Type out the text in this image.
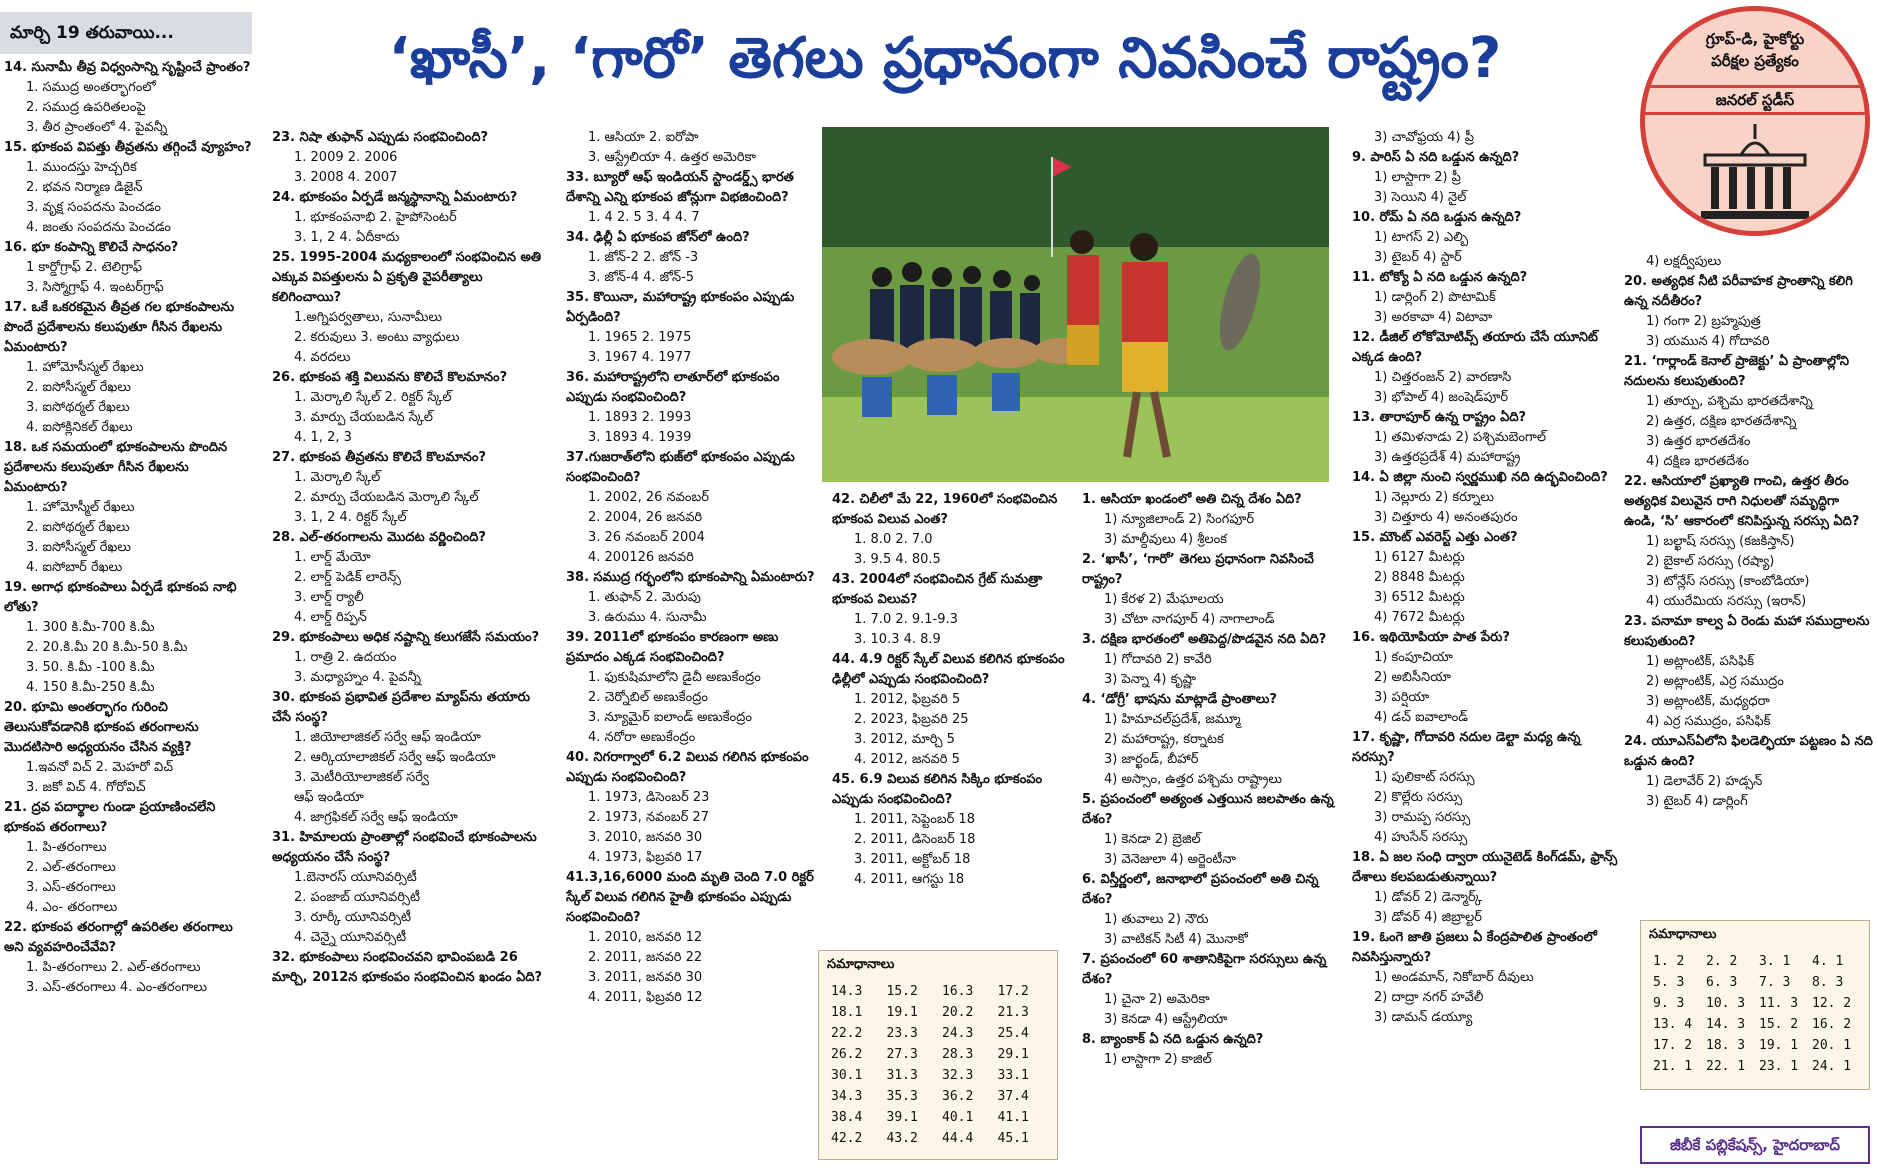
మార్చి 19 తరువాయి...	‘ఖాసీ’, ‘గారో’ తెగలు ప్రధానంగా నివసించే రాష్ట్రం?	గ్రూప్-డి, హైకోర్టు
పరీక్షల ప్రత్యేకం
జనరల్ స్టడీస్
14. సునామీ తీవ్ర విధ్వంసాన్ని సృష్టించే ప్రాంతం?
1. సముద్ర అంతర్భాగంలో
2. సముద్ర ఉపరితలంపై
3. తీర ప్రాంతంలో 4. పైవన్నీ
15. భూకంప విపత్తు తీవ్రతను తగ్గించే వ్యూహం?
1. ముందస్తు హెచ్చరిక
2. భవన నిర్మాణ డిజైన్
3. వృక్ష సంపదను పెంచడం
4. జంతు సంపదను పెంచడం
16. భూ కంపాన్ని కొలిచే సాధనం?
1 కార్డోగ్రాఫ్ 2. టెలిగ్రాఫ్
3. సిస్మోగ్రాఫ్ 4. ఇంటర్‌గ్రాఫ్
17. ఒకే ఒకరకమైన తీవ్రత గల భూకంపాలను పొందే ప్రదేశాలను కలుపుతూ గీసిన రేఖలను ఏమంటారు?
1. హోమోసీస్మల్ రేఖలు
2. ఐసోసీస్మల్ రేఖలు
3. ఐసోథర్మల్ రేఖలు
4. ఐసోక్లినికల్ రేఖలు
18. ఒక సమయంలో భూకంపాలను పొందిన ప్రదేశాలను కలుపుతూ గీసిన రేఖలను ఏమంటారు?
1. హోమోస్మీల్ రేఖలు
2. ఐసోథర్మల్ రేఖలు
3. ఐసోసీస్మల్ రేఖలు
4. ఐసోబార్ రేఖలు
19. అగాధ భూకంపాలు ఏర్పడే భూకంప నాభి లోతు?
1. 300 కి.మీ-700 కి.మీ
2. 20.కి.మీ 20 కి.మీ-50 కి.మీ
3. 50. కి.మీ -100 కి.మీ
4. 150 కి.మీ-250 కి.మీ
20. భూమి అంతర్భాగం గురించి తెలుసుకోవడానికి భూకంప తరంగాలను మొదటిసారి అధ్యయనం చేసిన వ్యక్తి?
1.ఇవనో విచ్ 2. మెహరో విచ్
3. జకో విచ్ 4. గోరోవిచ్
21. ద్రవ పదార్థాల గుండా ప్రయాణించలేని భూకంప తరంగాలు?
1. పి-తరంగాలు
2. ఎల్-తరంగాలు
3. ఎస్-తరంగాలు
4. ఎం- తరంగాలు
22. భూకంప తరంగాల్లో ఉపరితల తరంగాలు అని వ్యవహరించేవేవి?
1. పి-తరంగాలు 2. ఎల్-తరంగాలు
3. ఎస్-తరంగాలు 4. ఎం-తరంగాలు
23. నిషా తుఫాన్ ఎప్పుడు సంభవించింది?
1. 2009 2. 2006
3. 2008 4. 2007
24. భూకంపం ఏర్పడే జన్మస్థానాన్ని ఏమంటారు?
1. భూకంపనాభి 2. హైపోసెంటర్
3. 1, 2 4. ఏదీకాదు
25. 1995-2004 మధ్యకాలంలో సంభవించిన అతి ఎక్కువ విపత్తులను ఏ ప్రకృతి వైపరీత్యాలు కలిగించాయి?
1.అగ్నిపర్వతాలు, సునామీలు
2. కరువులు 3. అంటు వ్యాధులు
4. వరదలు
26. భూకంప శక్తి విలువను కొలిచే కొలమానం?
1. మెర్కాలి స్కేల్ 2. రిక్టర్ స్కేల్
3. మార్పు చేయబడిన స్కేల్
4. 1, 2, 3
27. భూకంప తీవ్రతను కొలిచే కొలమానం?
1. మెర్కాలి స్కేల్
2. మార్పు చేయబడిన మెర్కాలి స్కేల్
3. 1, 2 4. రిక్టర్ స్కేల్
28. ఎల్-తరంగాలను మొదట వర్ణించింది?
1. లార్డ్ మేయో
2. లార్డ్ పెడిక్ లారెన్స్
3. లార్డ్ ర్యాలీ
4. లార్డ్ రిప్పన్
29. భూకంపాలు అధిక నష్టాన్ని కలుగజేసే సమయం?
1. రాత్రి 2. ఉదయం
3. మధ్యాహ్నం 4. పైవన్నీ
30. భూకంప ప్రభావిత ప్రదేశాల మ్యాప్‌ను తయారు చేసే సంస్థ?
1. జియోలాజికల్ సర్వే ఆఫ్ ఇండియా
2. ఆర్కియాలాజికల్ సర్వే ఆఫ్ ఇండియా
3. మెటీరియోలాజికల్ సర్వే
ఆఫ్ ఇండియా
4. జాగ్రఫికల్ సర్వే ఆఫ్ ఇండియా
31. హిమాలయ ప్రాంతాల్లో సంభవించే భూకంపాలను అధ్యయనం చేసే సంస్థ?
1.బెనారస్ యూనివర్సిటీ
2. పంజాబ్ యూనివర్సిటీ
3. రూర్కీ యూనివర్సిటీ
4. చెన్నై యూనివర్సిటీ
32. భూకంపాలు సంభవించవని భావింపబడి 26 మార్చి, 2012న భూకంపం సంభవించిన ఖండం ఏది?
1. ఆసియా 2. ఐరోపా
3. ఆస్ట్రేలియా 4. ఉత్తర అమెరికా
33. బ్యూరో ఆఫ్ ఇండియన్ స్టాండర్డ్స్ భారత దేశాన్ని ఎన్ని భూకంప జోన్లుగా విభజించింది?
1. 4 2. 5 3. 4 4. 7
34. ఢిల్లీ ఏ భూకంప జోన్‌లో ఉంది?
1. జోన్-2 2. జోన్ -3
3. జోన్-4 4. జోన్-5
35. కొయినా, మహారాష్ట్ర భూకంపం ఎప్పుడు ఏర్పడింది?
1. 1965 2. 1975
3. 1967 4. 1977
36. మహారాష్ట్రలోని లాతూర్‌లో భూకంపం ఎప్పుడు సంభవించింది?
1. 1893 2. 1993
3. 1893 4. 1939
37.గుజరాత్‌లోని భుజ్‌లో భూకంపం ఎప్పుడు సంభవించింది?
1. 2002, 26 నవంబర్
2. 2004, 26 జనవరి
3. 26 నవంబర్ 2004
4. 200126 జనవరి
38. సముద్ర గర్భంలోని భూకంపాన్ని ఏమంటారు?
1. తుఫాన్ 2. మెరుపు
3. ఉరుము 4. సునామీ
39. 2011లో భూకంపం కారణంగా అణు ప్రమాదం ఎక్కడ సంభవించింది?
1. ఫుకుషిమాలోని డైచీ అణుకేంద్రం
2. చెర్నోబిల్ అణుకేంద్రం
3. న్యూమైర్ ఐలాండ్ అణుకేంద్రం
4. నరోరా అణుకేంద్రం
40. నిగరాగ్వాలో 6.2 విలువ గలిగిన భూకంపం ఎప్పుడు సంభవించింది?
1. 1973, డిసెంబర్ 23
2. 1973, నవంబర్ 27
3. 2010, జనవరి 30
4. 1973, ఫిబ్రవరి 17
41.3,16,6000 మంది మృతి చెంది 7.0 రిక్టర్ స్కేల్ విలువ గలిగిన హైతీ భూకంపం ఎప్పుడు సంభవించింది?
1. 2010, జనవరి 12
2. 2011, జనవరి 22
3. 2011, జనవరి 30
4. 2011, ఫిబ్రవరి 12
42. చిలీలో మే 22, 1960లో సంభవించిన భూకంప విలువ ఎంత?
1. 8.0 2. 7.0
3. 9.5 4. 80.5
43. 2004లో సంభవించిన గ్రేట్ సుమత్రా భూకంప విలువ?
1. 7.0 2. 9.1-9.3
3. 10.3 4. 8.9
44. 4.9 రిక్టర్ స్కేల్ విలువ కలిగిన భూకంపం ఢిల్లీలో ఎప్పుడు సంభవించింది?
1. 2012, ఫిబ్రవరి 5
2. 2023, ఫిబ్రవరి 25
3. 2012, మార్చి 5
4. 2012, జనవరి 5
45. 6.9 విలువ కలిగిన సిక్కిం భూకంపం ఎప్పుడు సంభవించింది?
1. 2011, సెప్టెంబర్ 18
2. 2011, డిసెంబర్ 18
3. 2011, అక్టోబర్ 18
4. 2011, ఆగస్టు 18
1. ఆసియా ఖండంలో అతి చిన్న దేశం ఏది?
1) న్యూజిలాండ్ 2) సింగపూర్
3) మాల్దీవులు 4) శ్రీలంక
2. ‘ఖాసీ’, ‘గారో’ తెగలు ప్రధానంగా నివసించే రాష్ట్రం?
1) కేరళ 2) మేఘాలయ
3) చోటా నాగపూర్ 4) నాగాలాండ్
3. దక్షిణ భారతంలో అతిపెద్ద/పొడవైన నది ఏది?
1) గోదావరి 2) కావేరి
3) పెన్నా 4) కృష్ణా
4. ‘డోగ్రీ’ భాషను మాట్లాడే ప్రాంతాలు?
1) హిమాచల్‌ప్రదేశ్, జమ్మూ
2) మహారాష్ట్ర, కర్నాటక
3) జార్ఖండ్, బీహార్
4) అస్సాం, ఉత్తర పశ్చిమ రాష్ట్రాలు
5. ప్రపంచంలో అత్యంత ఎత్తయిన జలపాతం ఉన్న దేశం?
1) కెనడా 2) బ్రెజిల్
3) వెనెజులా 4) అర్జెంటీనా
6. విస్తీర్ణంలో, జనాభాలో ప్రపంచంలో అతి చిన్న దేశం?
1) తువాలు 2) నౌరు
3) వాటికన్ సిటీ 4) మొనాకో
7. ప్రపంచంలో 60 శాతానికిపైగా సరస్సులు ఉన్న దేశం?
1) చైనా 2) అమెరికా
3) కెనడా 4) ఆస్ట్రేలియా
8. బ్యాంకాక్ ఏ నది ఒడ్డున ఉన్నది?
1) లాస్టాగా 2) కాజిల్
3) చావోఫ్రయ 4) ప్రీ
9. పారిస్ ఏ నది ఒడ్డున ఉన్నది?
1) లాస్టాగా 2) ప్రీ
3) సెయిని 4) నైల్
10. రోమ్ ఏ నది ఒడ్డున ఉన్నది?
1) టాగస్ 2) ఎల్బి
3) టైబర్ 4) స్టార్
11. టోక్యో ఏ నది ఒడ్డున ఉన్నది?
1) డార్లింగ్ 2) పొటామిక్
3) అరకావా 4) విటావా
12. డీజిల్ లోకోమోటివ్స్ తయారు చేసే యూనిట్ ఎక్కడ ఉంది?
1) చిత్తరంజన్ 2) వారణాసి
3) భోపాల్ 4) జంషెడ్‌పూర్
13. తారాపూర్ ఉన్న రాష్ట్రం ఏది?
1) తమిళనాడు 2) పశ్చిమబెంగాల్
3) ఉత్తరప్రదేశ్ 4) మహారాష్ట్ర
14. ఏ జిల్లా నుంచి స్వర్ణముఖి నది ఉద్భవించింది?
1) నెల్లూరు 2) కర్నూలు
3) చిత్తూరు 4) అనంతపురం
15. మౌంట్ ఎవరెస్ట్ ఎత్తు ఎంత?
1) 6127 మీటర్లు
2) 8848 మీటర్లు
3) 6512 మీటర్లు
4) 7672 మీటర్లు
16. ఇథియోపియా పాత పేరు?
1) కంపూచియా
2) అబిసీనియా
3) పర్షియా
4) డచ్ ఐవాలాండ్
17. కృష్ణా, గోదావరి నదుల డెల్టా మధ్య ఉన్న సరస్సు?
1) పులికాట్ సరస్సు
2) కొల్లేరు సరస్సు
3) రామప్ప సరస్సు
4) హుసేన్ సరస్సు
18. ఏ జల సంధి ద్వారా యునైటెడ్ కింగ్‌డమ్, ఫ్రాన్స్ దేశాలు కలపబడుతున్నాయి?
1) డోవర్ 2) డెన్మార్క్
3) డోవర్ 4) జిబ్రాల్టర్
19. ఓంగె జాతి ప్రజలు ఏ కేంద్రపాలిత ప్రాంతంలో నివసిస్తున్నారు?
1) అండమాన్, నికోబార్ దీవులు
2) దాద్రా నగర్ హవేలీ
3) డామన్ డయ్యూ
4) లక్షద్వీపులు
20. అత్యధిక నీటి పరీవాహక ప్రాంతాన్ని కలిగి ఉన్న నదీతీరం?
1) గంగా 2) బ్రహ్మపుత్ర
3) యమున 4) గోదావరి
21. ‘గార్లాండ్ కెనాల్ ప్రాజెక్టు’ ఏ ప్రాంతాల్లోని నదులను కలుపుతుంది?
1) తూర్పు, పశ్చిమ భారతదేశాన్ని
2) ఉత్తర, దక్షిణ భారతదేశాన్ని
3) ఉత్తర భారతదేశం
4) దక్షిణ భారతదేశం
22. ఆసియాలో ప్రఖ్యాతి గాంచి, ఉత్తర తీరం అత్యధిక విలువైన రాగి నిధులతో సమృద్ధిగా ఉండి, ‘సి’ ఆకారంలో కనిపిస్తున్న సరస్సు ఏది?
1) బల్ఖాష్ సరస్సు (కజకిస్తాన్)
2) బైకాల్ సరస్సు (రష్యా)
3) టోన్లేస్ సరస్సు (కాంబోడియా)
4) యురేమియ సరస్సు (ఇరాన్)
23. పనామా కాల్వ ఏ రెండు మహా సముద్రాలను కలుపుతుంది?
1) అట్లాంటిక్, పసిఫిక్
2) అట్లాంటిక్, ఎర్ర సముద్రం
3) అట్లాంటిక్, మధ్యధరా
4) ఎర్ర సముద్రం, పసిఫిక్
24. యూఎస్‌ఏలోని ఫిలడెల్ఫియా పట్టణం ఏ నది ఒడ్డున ఉంది?
1) డెలావేర్ 2) హడ్సన్
3) టైబర్ 4) డార్లింగ్
సమాధానాలు
14.3	15.2	16.3	17.2
18.1	19.1	20.2	21.3
22.2	23.3	24.3	25.4
26.2	27.3	28.3	29.1
30.1	31.3	32.3	33.1
34.3	35.3	36.2	37.4
38.4	39.1	40.1	41.1
42.2	43.2	44.4	45.1
సమాధానాలు
1. 2	2. 2	3. 1	4. 1
5. 3	6. 3	7. 3	8. 3
9. 3	10. 3	11. 3	12. 2
13. 4	14. 3	15. 2	16. 2
17. 2	18. 3	19. 1	20. 1
21. 1	22. 1	23. 1	24. 1
జీబీకే పబ్లికేషన్స్, హైదరాబాద్
